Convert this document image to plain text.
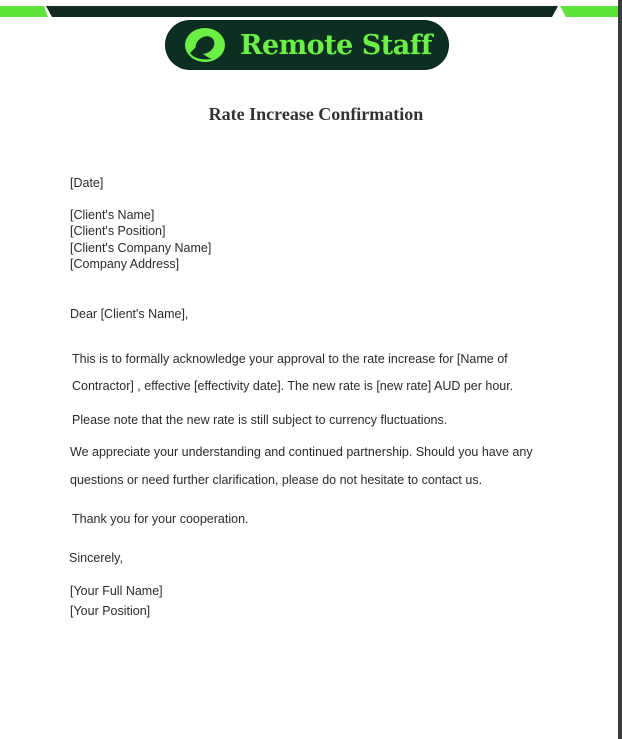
Remote Staff
Rate Increase Confirmation
[Date]
[Client's Name]
[Client's Position]
[Client's Company Name]
[Company Address]
Dear [Client's Name],
This is to formally acknowledge your approval to the rate increase for [Name of
Contractor] , effective [effectivity date]. The new rate is [new rate] AUD per hour.
Please note that the new rate is still subject to currency fluctuations.
We appreciate your understanding and continued partnership. Should you have any
questions or need further clarification, please do not hesitate to contact us.
Thank you for your cooperation.
Sincerely,
[Your Full Name]
[Your Position]
